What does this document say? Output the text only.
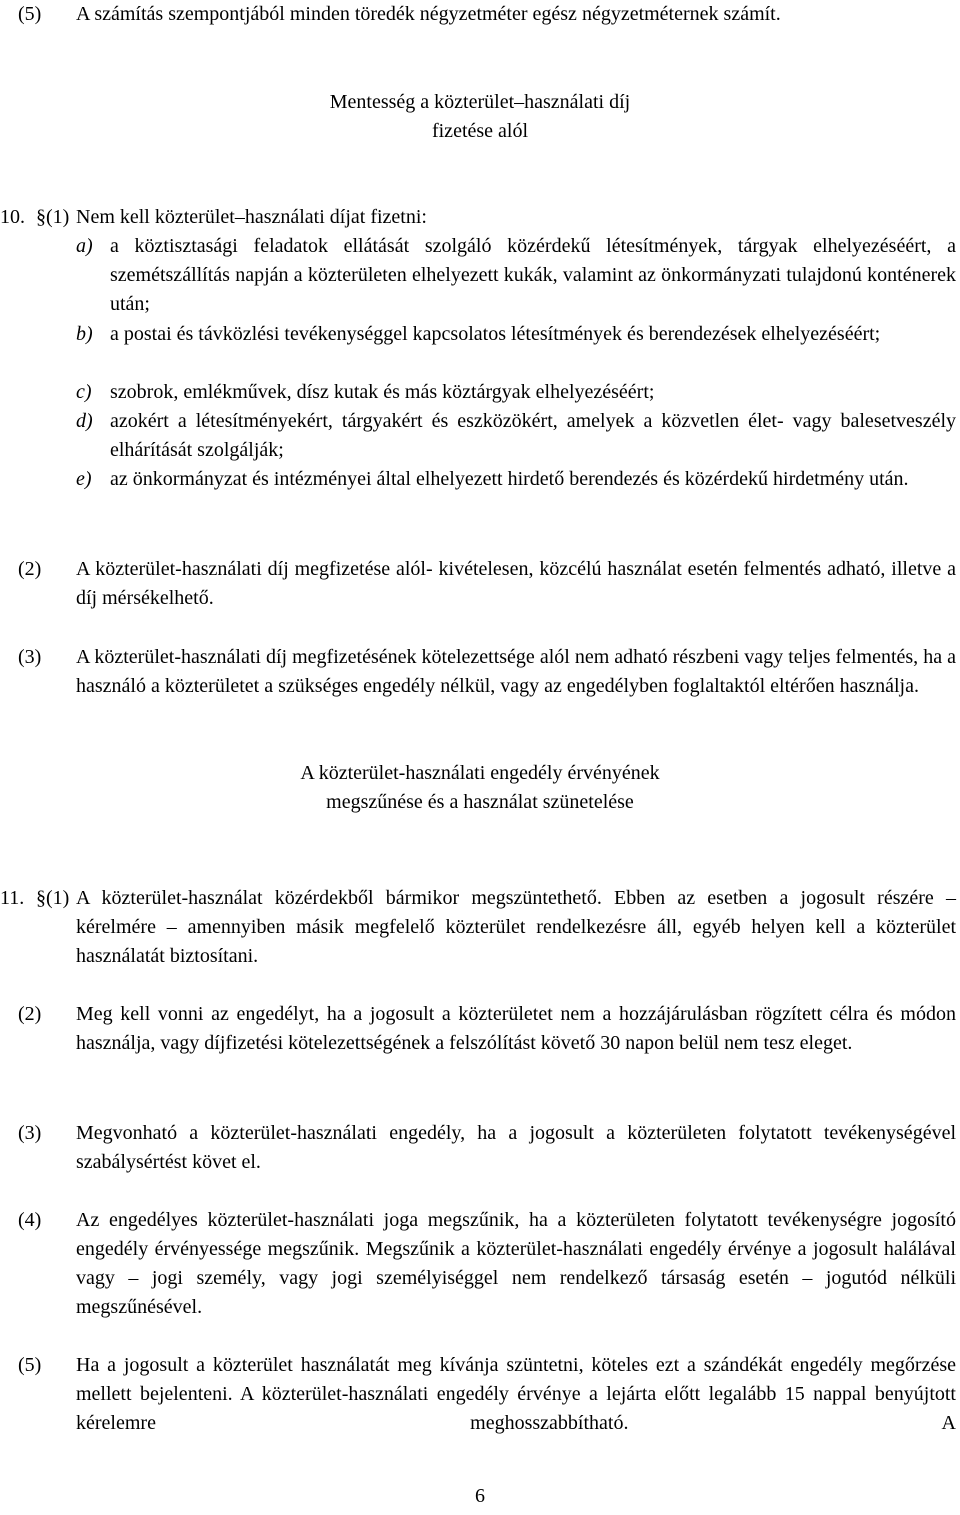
(5) A számítás szempontjából minden töredék négyzetméter egész négyzetméternek számít.
Mentesség a közterület–használati díj
fizetése alól
10. §(1) Nem kell közterület–használati díjat fizetni:
a) a köztisztasági feladatok ellátását szolgáló közérdekű létesítmények, tárgyak elhelyezéséért, a szemétszállítás napján a közterületen elhelyezett kukák, valamint az önkormányzati tulajdonú konténerek után;
b) a postai és távközlési tevékenységgel kapcsolatos létesítmények és berendezések elhelyezéséért;
c) szobrok, emlékművek, dísz kutak és más köztárgyak elhelyezéséért;
d) azokért a létesítményekért, tárgyakért és eszközökért, amelyek a közvetlen élet- vagy balesetveszély elhárítását szolgálják;
e) az önkormányzat és intézményei által elhelyezett hirdető berendezés és közérdekű hirdetmény után.
(2) A közterület-használati díj megfizetése alól- kivételesen, közcélú használat esetén felmentés adható, illetve a díj mérsékelhető.
(3) A közterület-használati díj megfizetésének kötelezettsége alól nem adható részbeni vagy teljes felmentés, ha a használó a közterületet a szükséges engedély nélkül, vagy az engedélyben foglaltaktól eltérően használja.
A közterület-használati engedély érvényének
megszűnése és a használat szünetelése
11. §(1) A közterület-használat közérdekből bármikor megszüntethető. Ebben az esetben a jogosult részére – kérelmére – amennyiben másik megfelelő közterület rendelkezésre áll, egyéb helyen kell a közterület használatát biztosítani.
(2) Meg kell vonni az engedélyt, ha a jogosult a közterületet nem a hozzájárulásban rögzített célra és módon használja, vagy díjfizetési kötelezettségének a felszólítást követő 30 napon belül nem tesz eleget.
(3) Megvonható a közterület-használati engedély, ha a jogosult a közterületen folytatott tevékenységével szabálysértést követ el.
(4) Az engedélyes közterület-használati joga megszűnik, ha a közterületen folytatott tevékenységre jogosító engedély érvényessége megszűnik. Megszűnik a közterület-használati engedély érvénye a jogosult halálával vagy – jogi személy, vagy jogi személyiséggel nem rendelkező társaság esetén – jogutód nélküli megszűnésével.
(5) Ha a jogosult a közterület használatát meg kívánja szüntetni, köteles ezt a szándékát engedély megőrzése mellett bejelenteni. A közterület-használati engedély érvénye a lejárta előtt legalább 15 nappal benyújtott kérelemre meghosszabbítható. A
6
